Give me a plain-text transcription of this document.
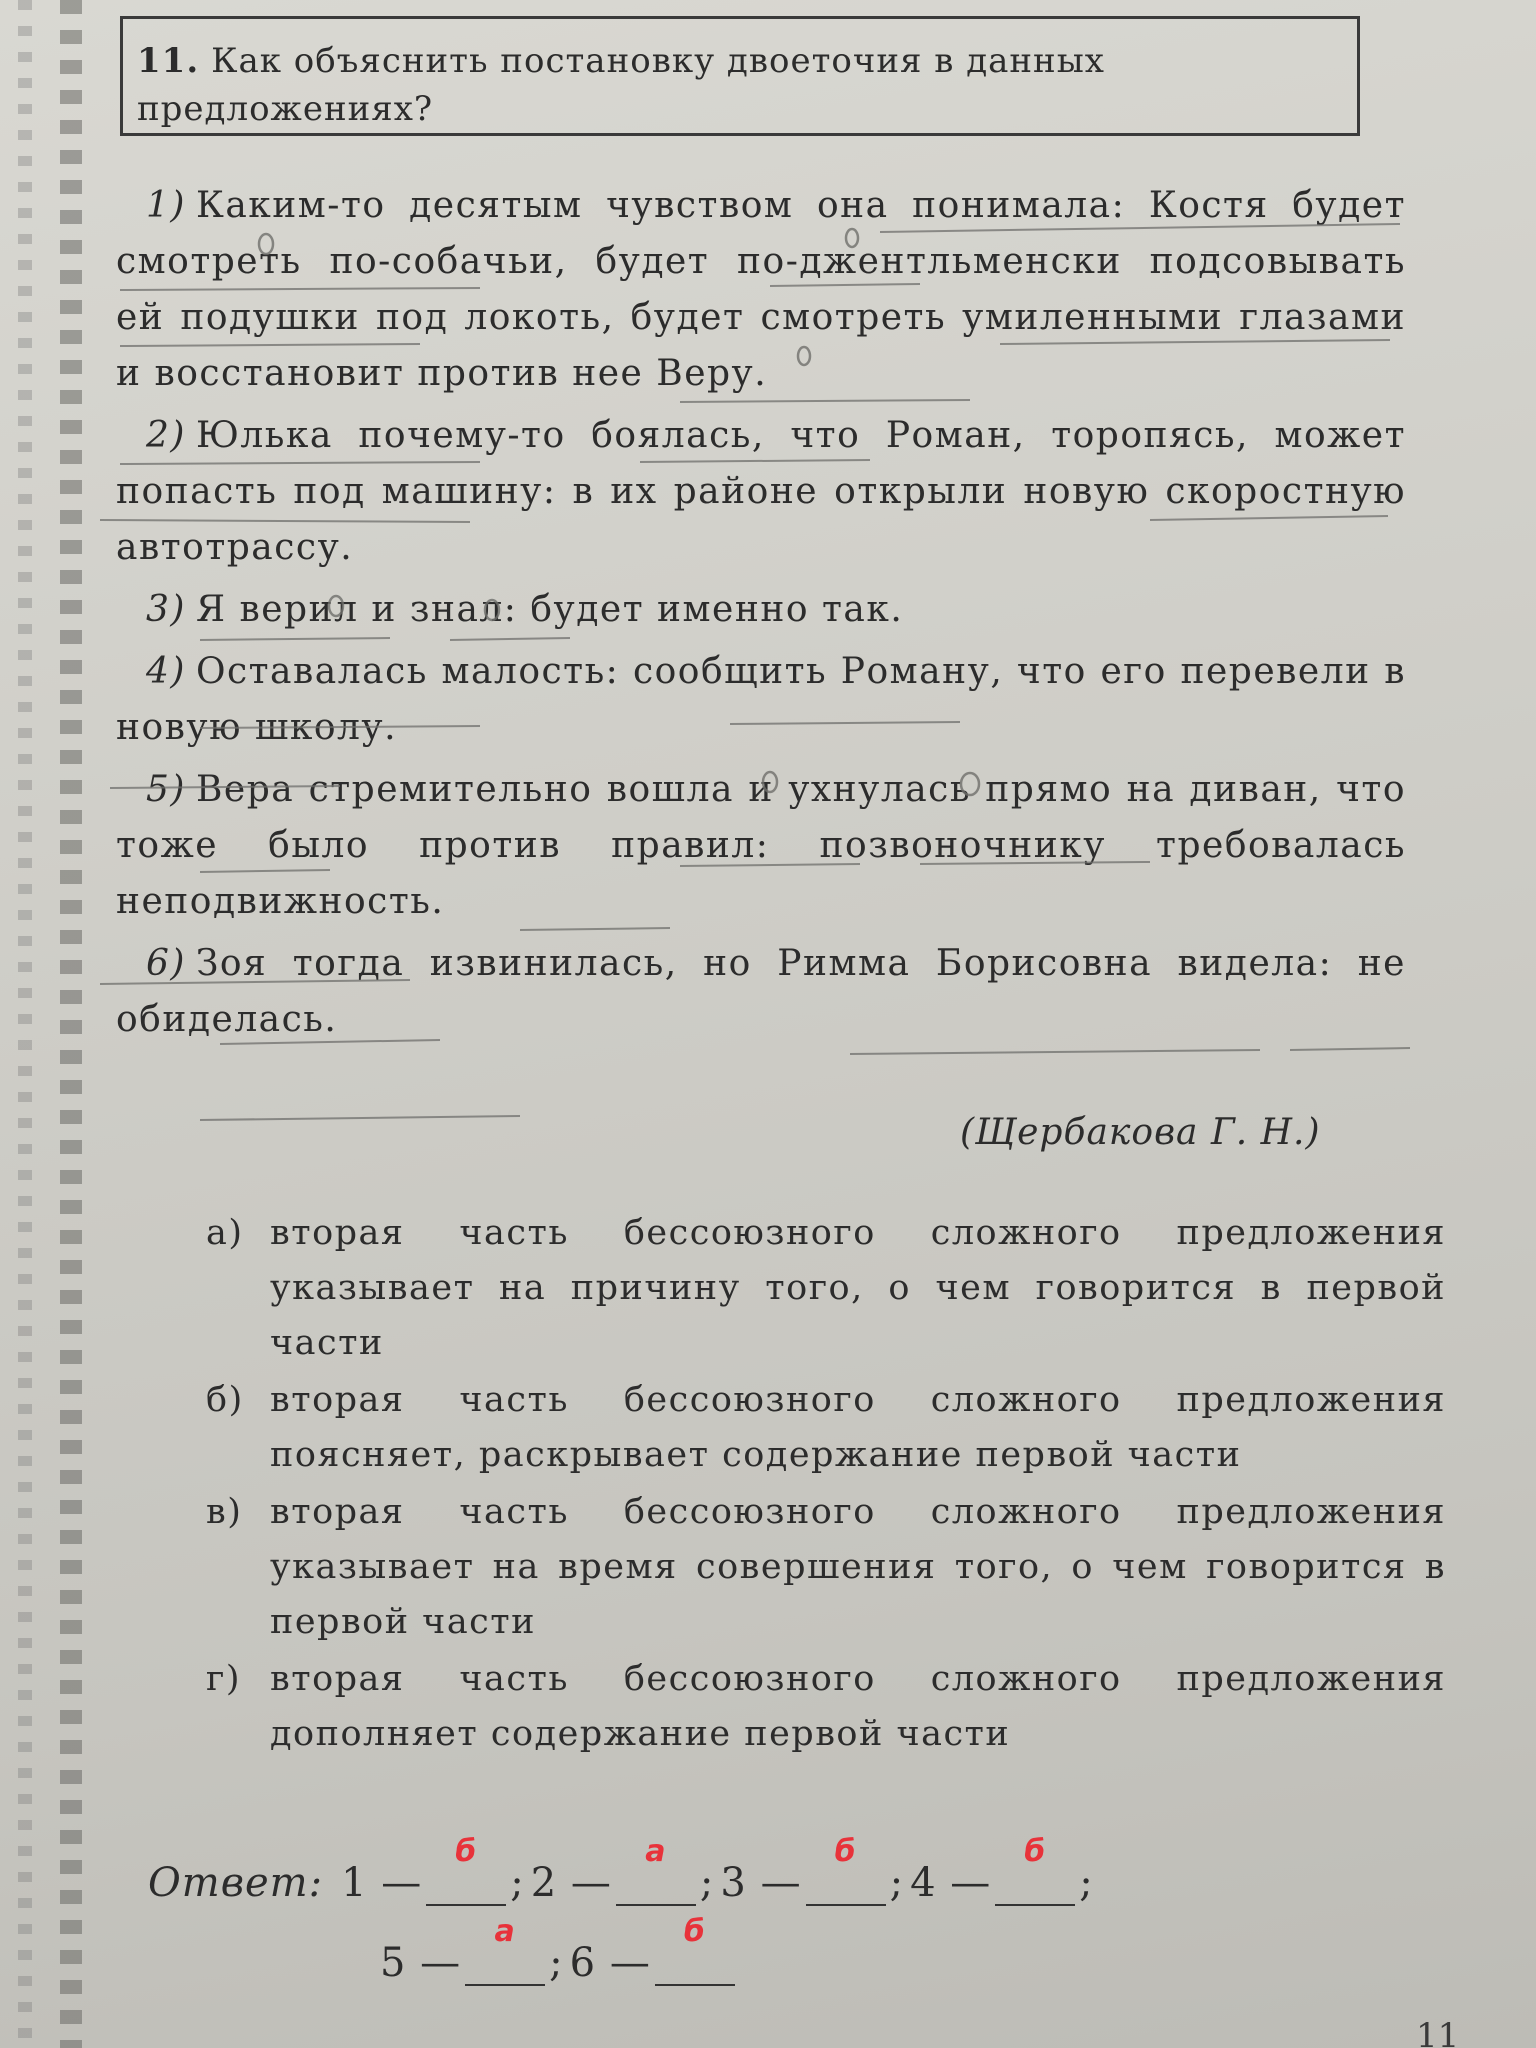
11. Как объяснить постановку двоеточия в данных предложениях?

1) Каким-то десятым чувством она понимала: Костя будет смотреть по-собачьи, будет по-джентльменски подсовывать ей подушки под локоть, будет смотреть умиленными глазами и восстановит против нее Веру.

2) Юлька почему-то боялась, что Роман, торопясь, может попасть под машину: в их районе открыли новую скоростную автотрассу.

3) Я верил и знал: будет именно так.

4) Оставалась малость: сообщить Роману, что его перевели в новую школу.

5) Вера стремительно вошла и ухнулась прямо на диван, что тоже было против правил: позвоночнику требовалась неподвижность.

6) Зоя тогда извинилась, но Римма Борисовна видела: не обиделась.

(Щербакова Г. Н.)
а) вторая часть бессоюзного сложного предложения указывает на причину того, о чем говорится в первой части
б) вторая часть бессоюзного сложного предложения поясняет, раскрывает содержание первой части
в) вторая часть бессоюзного сложного предложения указывает на время совершения того, о чем говорится в первой части
г) вторая часть бессоюзного сложного предложения дополняет содержание первой части
Ответ: 1 —
б
; 2 —
а
; 3 —
б
; 4 —
б
;
5 —
а
; 6 —
б
11
